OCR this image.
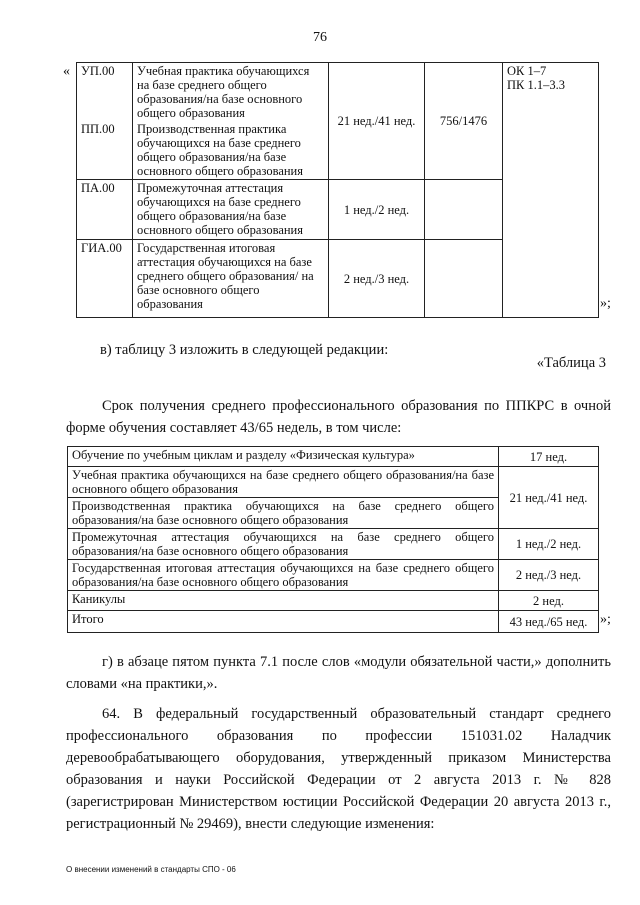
76
« УП.00	Учебная практика обучающихся на базе среднего общего образования/на базе основного общего образования	21 нед./41 нед.	756/1476	ОК 1–7
ПК 1.1–3.3
ПП.00	Производственная практика обучающихся на базе среднего общего образования/на базе основного общего образования			
ПА.00	Промежуточная аттестация обучающихся на базе среднего общего образования/на базе основного общего образования	1 нед./2 нед.		
ГИА.00	Государственная итоговая аттестация обучающихся на базе среднего общего образования/ на базе основного общего образования	2 нед./3 нед.		
»;
в) таблицу 3 изложить в следующей редакции:
«Таблица 3
Срок получения среднего профессионального образования по ППКРС в очной форме обучения составляет 43/65 недель, в том числе:
Обучение по учебным циклам и разделу «Физическая культура»	17 нед.
Учебная практика обучающихся на базе среднего общего образования/на базе основного общего образования	21 нед./41 нед.
Производственная практика обучающихся на базе среднего общего образования/на базе основного общего образования	
Промежуточная аттестация обучающихся на базе среднего общего образования/на базе основного общего образования	1 нед./2 нед.
Государственная итоговая аттестация обучающихся на базе среднего общего образования/на базе основного общего образования	2 нед./3 нед.
Каникулы	2 нед.
Итого	43 нед./65 нед. »;
г) в абзаце пятом пункта 7.1 после слов «модули обязательной части,» дополнить словами «на практики,».
64. В федеральный государственный образовательный стандарт среднего профессионального образования по профессии 151031.02 Наладчик деревообрабатывающего оборудования, утвержденный приказом Министерства образования и науки Российской Федерации от 2 августа 2013 г. № 828 (зарегистрирован Министерством юстиции Российской Федерации 20 августа 2013 г., регистрационный № 29469), внести следующие изменения:
О внесении изменений в стандарты СПО - 06
